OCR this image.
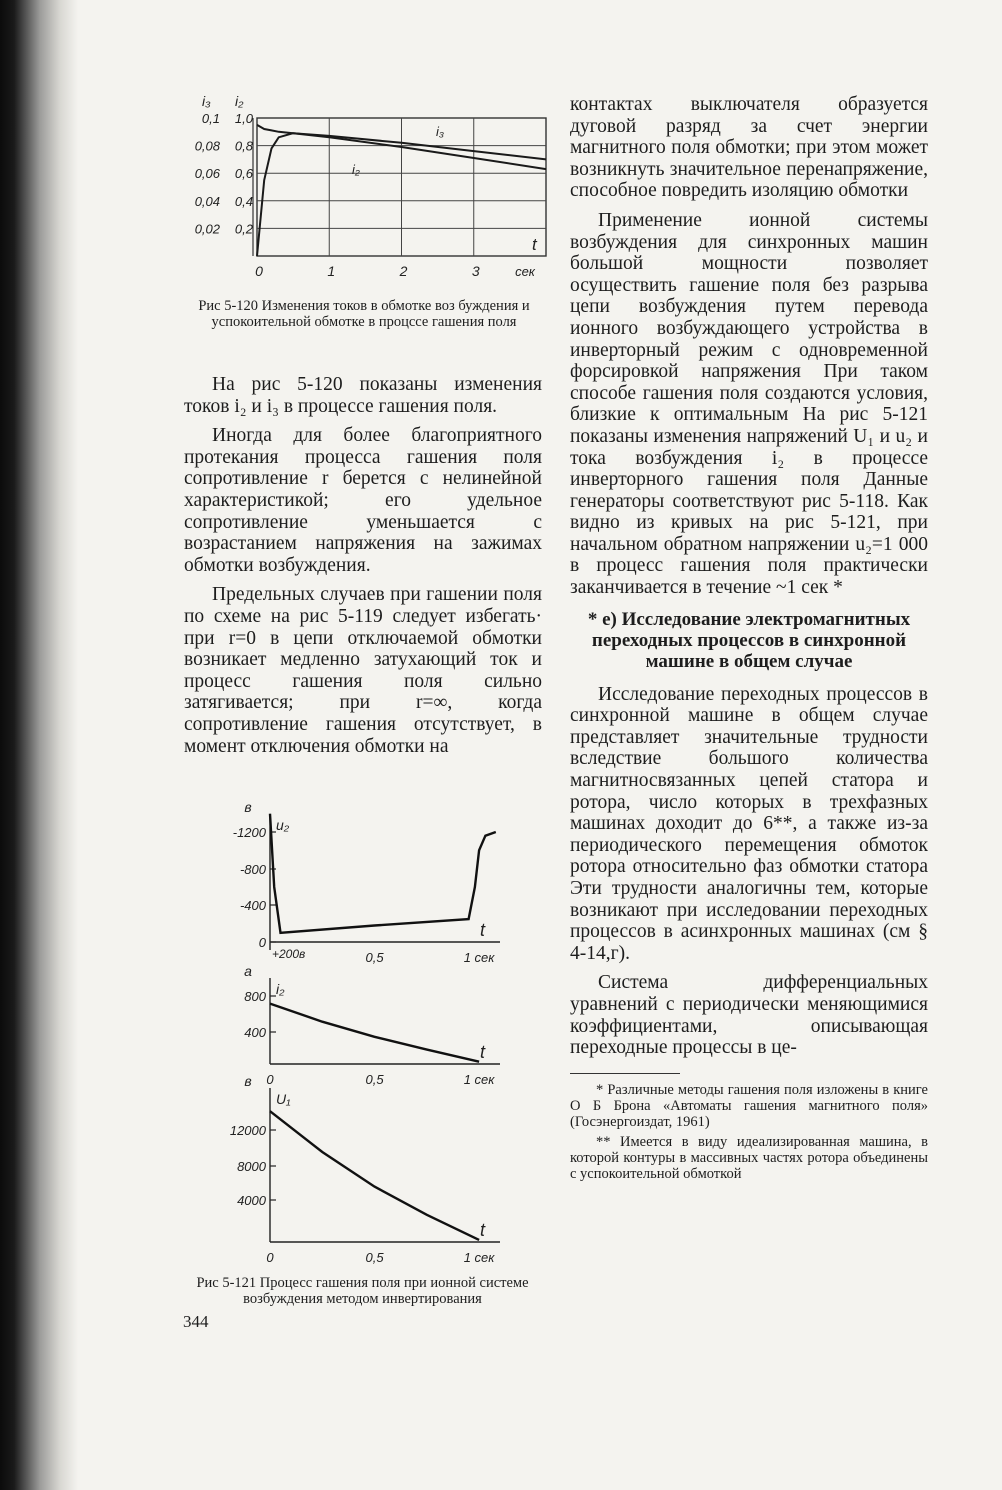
0,1
0,08
0,06
0,04
0,02
1,0
0,8
0,6
0,4
0,2
i₃ i₂
0	1	2	3	сек
t
i₃
i₂
Рис 5-120 Изменения токов в обмотке воз буждения и успокоительной обмотке в процссе гашения поля

На рис 5-120 показаны изменения токов i₂ и i₃ в процессе гашения поля.

Иногда для более благоприятного протекания процесса гашения поля сопротивление r берется с нелинейной характеристикой; его удельное сопротивление уменьшается с возрастанием напряжения на зажимах обмотки возбуждения.

Предельных случаев при гашении поля по схеме на рис 5-119 следует избегать· при r=0 в цепи отключаемой обмотки возникает медленно затухающий ток и процесс гашения поля сильно затягивается; при r=∞, когда сопротивление гашения отсутствует, в момент отключения обмотки на

в
u₂
-1200
-800
-400
0
0,5	1 сек
t
+200в
а
i₂
800
400
0	0,5	1 сек
t
в
U₁
12000
8000
4000
0	0,5	1 сек
t
Рис 5-121 Процесс гашения поля при ионной системе возбуждения методом инвертирования
344

контактах выключателя образуется дуговой разряд за счет энергии магнитного поля обмотки; при этом может возникнуть значительное перенапряжение, способное повредить изоляцию обмотки

Применение ионной системы возбуждения для синхронных машин большой мощности позволяет осуществить гашение поля без разрыва цепи возбуждения путем перевода ионного возбуждающего устройства в инверторный режим с одновременной форсировкой напряжения При таком способе гашения поля создаются условия, близкие к оптимальным На рис 5-121 показаны изменения напряжений U₁ и u₂ и тока возбуждения i₂ в процессе инверторного гашения поля Данные генераторы соответствуют рис 5-118. Как видно из кривых на рис 5-121, при начальном обратном напряжении u₂=1 000 в процесс гашения поля практически заканчивается в течение ~1 сек *

* е) Исследование электромагнитных переходных процессов в синхронной машине в общем случае

Исследование переходных процессов в синхронной машине в общем случае представляет значительные трудности вследствие большого количества магнитносвязанных цепей статора и ротора, число которых в трехфазных машинах доходит до 6**, а также из-за периодического перемещения обмоток ротора относительно фаз обмотки статора Эти трудности аналогичны тем, которые возникают при исследовании переходных процессов в асинхронных машинах (см § 4-14,г).

Система дифференциальных уравнений с периодически меняющимися коэффициентами, описывающая переходные процессы в це-

* Различные методы гашения поля изложены в книге О Б Брона «Автоматы гашения магнитного поля» (Госэнергоиздат, 1961)

** Имеется в виду идеализированная машина, в которой контуры в массивных частях ротора объединены с успокоительной обмоткой
